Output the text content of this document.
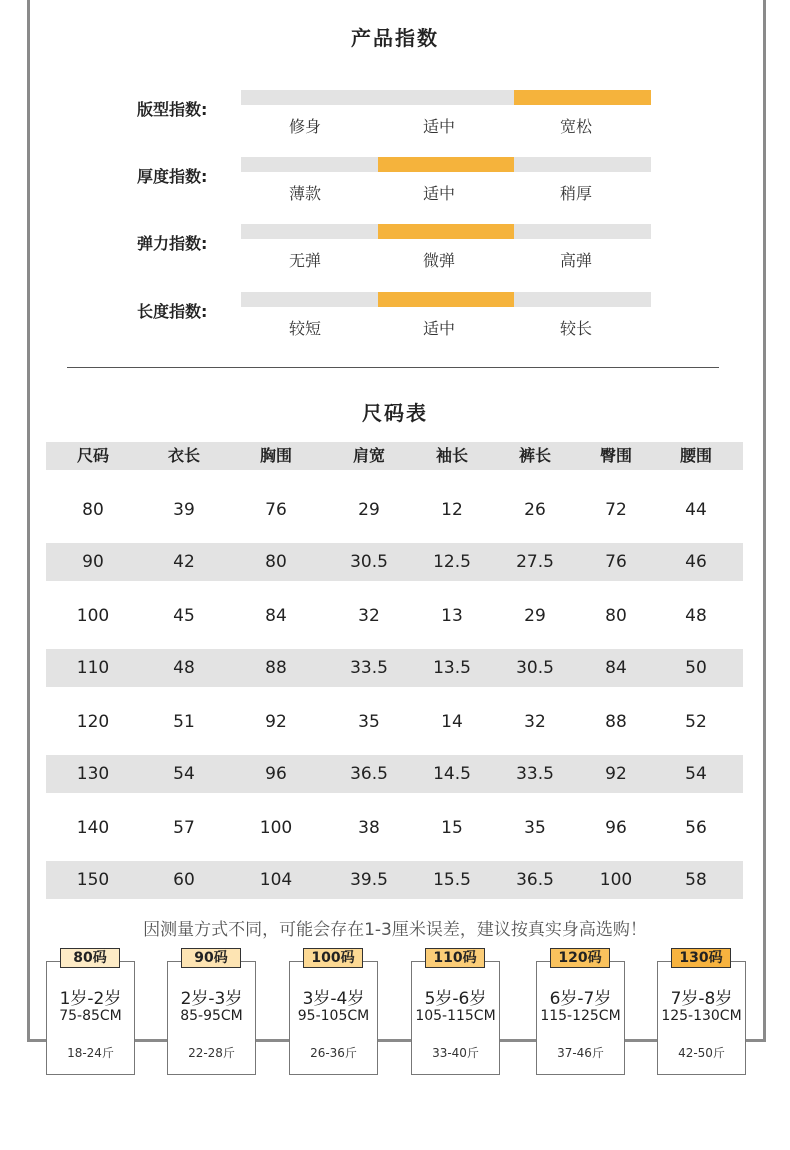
产品指数
版型指数:
修身	适中	宽松
厚度指数:
薄款	适中	稍厚
弹力指数:
无弹	微弹	高弹
长度指数:
较短	适中	较长
尺码表
尺码	衣长	胸围	肩宽	袖长	裤长	臀围	腰围
80	39	76	29	12	26	72	44
90	42	80	30.5	12.5	27.5	76	46
100	45	84	32	13	29	80	48
110	48	88	33.5	13.5	30.5	84	50
120	51	92	35	14	32	88	52
130	54	96	36.5	14.5	33.5	92	54
140	57	100	38	15	35	96	56
150	60	104	39.5	15.5	36.5	100	58
因测量方式不同，可能会存在1-3厘米误差，建议按真实身高选购！
1岁-2岁
75-85CM
18-24斤
80码
2岁-3岁
85-95CM
22-28斤
90码
3岁-4岁
95-105CM
26-36斤
100码
5岁-6岁
105-115CM
33-40斤
110码
6岁-7岁
115-125CM
37-46斤
120码
7岁-8岁
125-130CM
42-50斤
130码
